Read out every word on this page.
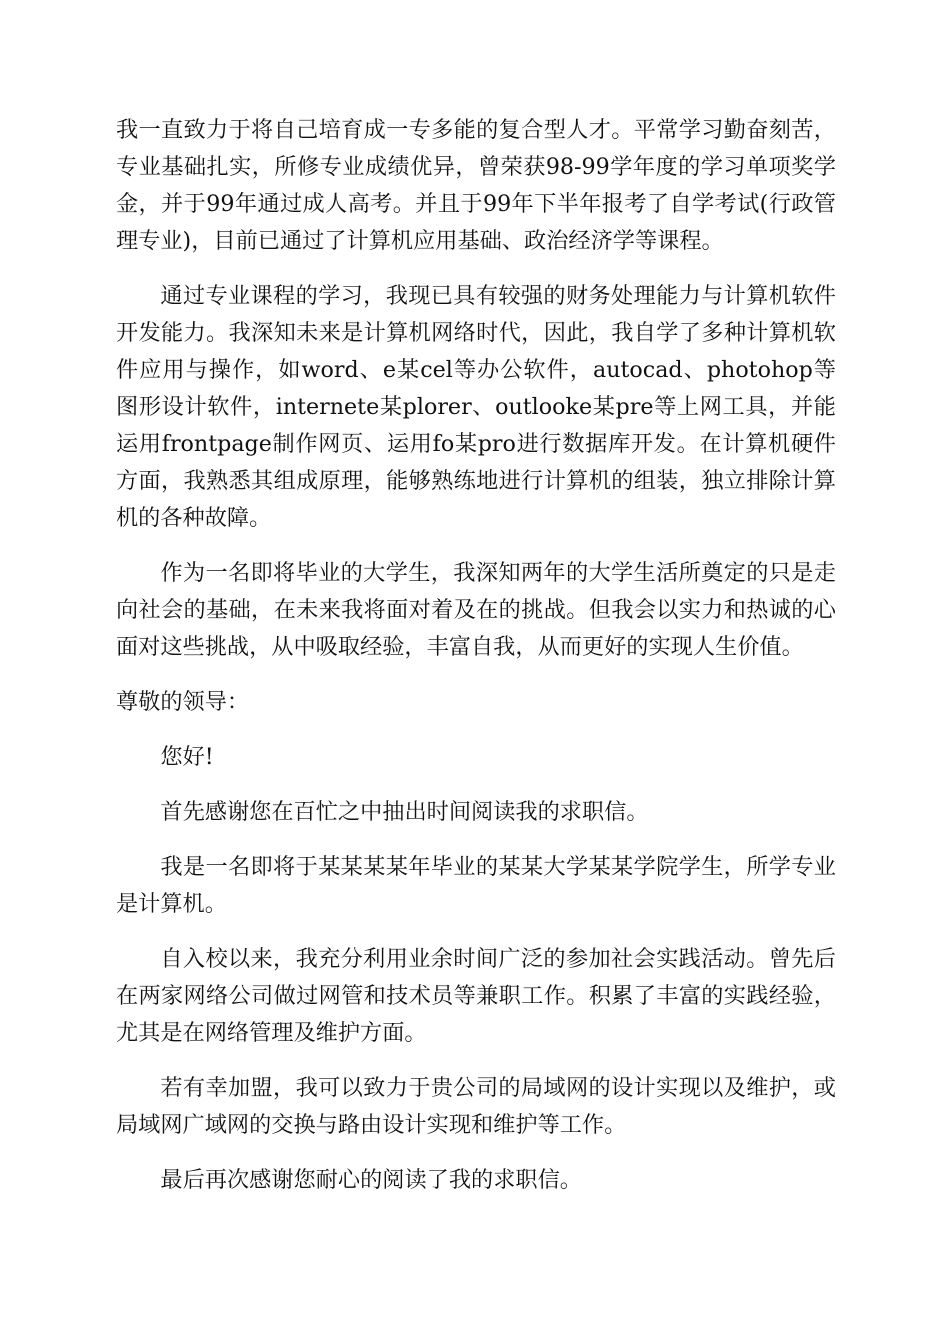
我一直致力于将自己培育成一专多能的复合型人才。平常学习勤奋刻苦，专业基础扎实，所修专业成绩优异，曾荣获98-99学年度的学习单项奖学金，并于99年通过成人高考。并且于99年下半年报考了自学考试(行政管理专业)，目前已通过了计算机应用基础、政治经济学等课程。

通过专业课程的学习，我现已具有较强的财务处理能力与计算机软件开发能力。我深知未来是计算机网络时代，因此，我自学了多种计算机软件应用与操作，如word、e某cel等办公软件，autocad、photohop等图形设计软件，internete某plorer、outlooke某pre等上网工具，并能运用frontpage制作网页、运用fo某pro进行数据库开发。在计算机硬件方面，我熟悉其组成原理，能够熟练地进行计算机的组装，独立排除计算机的各种故障。

作为一名即将毕业的大学生，我深知两年的大学生活所奠定的只是走向社会的基础，在未来我将面对着及在的挑战。但我会以实力和热诚的心面对这些挑战，从中吸取经验，丰富自我，从而更好的实现人生价值。

尊敬的领导：

您好!

首先感谢您在百忙之中抽出时间阅读我的求职信。

我是一名即将于某某某某年毕业的某某大学某某学院学生，所学专业是计算机。

自入校以来，我充分利用业余时间广泛的参加社会实践活动。曾先后在两家网络公司做过网管和技术员等兼职工作。积累了丰富的实践经验，尤其是在网络管理及维护方面。

若有幸加盟，我可以致力于贵公司的局域网的设计实现以及维护，或局域网广域网的交换与路由设计实现和维护等工作。

最后再次感谢您耐心的阅读了我的求职信。
